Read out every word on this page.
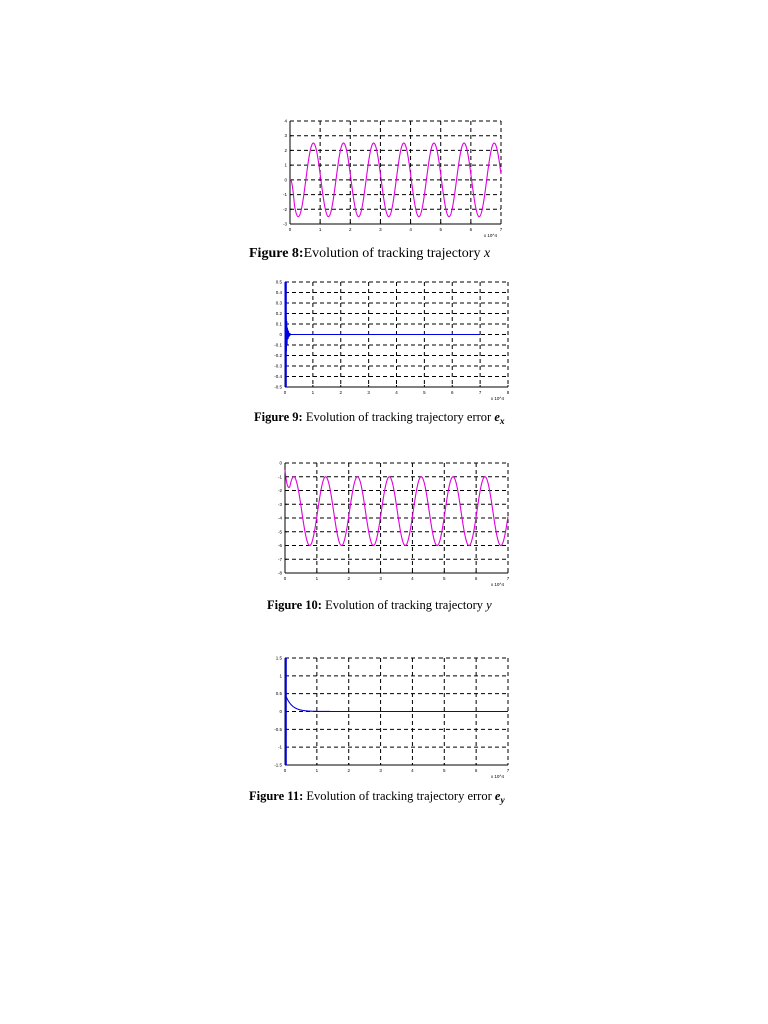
0	1	2	3	4	5	6	7
-3
-2
-1
0
1
2
3
4
x 10^4
0	1	2	3	4	5	6	7	8
-0.5
-0.4
-0.3
-0.2
-0.1
0
0.1
0.2
0.3
0.4
0.5
x 10^4
0	1	2	3	4	5	6	7
-8
-7
-6
-5
-4
-3
-2
-1
0
x 10^4
0	1	2	3	4	5	6	7
-1.5
-1
-0.5
0
0.5
1
1.5
x 10^4
Figure 8:Evolution of tracking trajectory x
Figure 9: Evolution of tracking trajectory error $e_x$
Figure 10: Evolution of tracking trajectory y
Figure 11: Evolution of tracking trajectory error $e_y$
